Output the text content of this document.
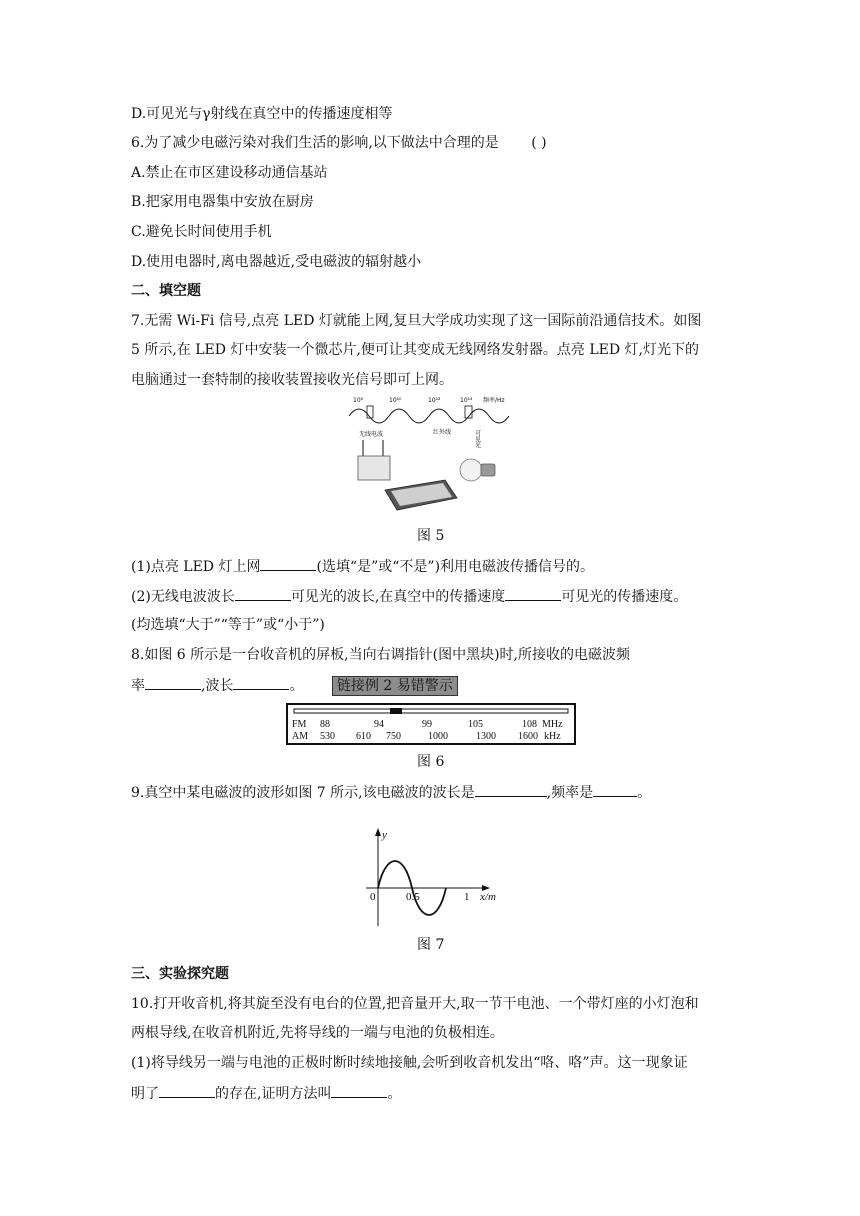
D.可见光与γ射线在真空中的传播速度相等
6.为了减少电磁污染对我们生活的影响,以下做法中合理的是 ( )
A.禁止在市区建设移动通信基站
B.把家用电器集中安放在厨房
C.避免长时间使用手机
D.使用电器时,离电器越近,受电磁波的辐射越小
二、填空题
7.无需 Wi-Fi 信号,点亮 LED 灯就能上网,复旦大学成功实现了这一国际前沿通信技术。如图
5 所示,在 LED 灯中安装一个微芯片,便可让其变成无线网络发射器。点亮 LED 灯,灯光下的
电脑通过一套特制的接收装置接收光信号即可上网。
10⁸	10¹⁰	10¹²	10¹⁴ 频率/Hz
无线电波	红外线	可见光
图 5
(1)点亮 LED 灯上网	(选填“是”或“不是”)利用电磁波传播信号的。
(2)无线电波波长	可见光的波长,在真空中的传播速度	可见光的传播速度。
(均选填“大于”“等于”或“小于”)
8.如图 6 所示是一台收音机的屏板,当向右调指针(图中黑块)时,所接收的电磁波频
率	,波长	。 链接例 2 易错警示
FM 88	94	99	105	108 MHz
AM 530 610 750	1000	1300 1600 kHz
图 6
9.真空中某电磁波的波形如图 7 所示,该电磁波的波长是	,频率是	。
y
0	0.5	1 x/m
图 7
三、实验探究题
10.打开收音机,将其旋至没有电台的位置,把音量开大,取一节干电池、一个带灯座的小灯泡和
两根导线,在收音机附近,先将导线的一端与电池的负极相连。
(1)将导线另一端与电池的正极时断时续地接触,会听到收音机发出“咯、咯”声。这一现象证
明了	的存在,证明方法叫	。
